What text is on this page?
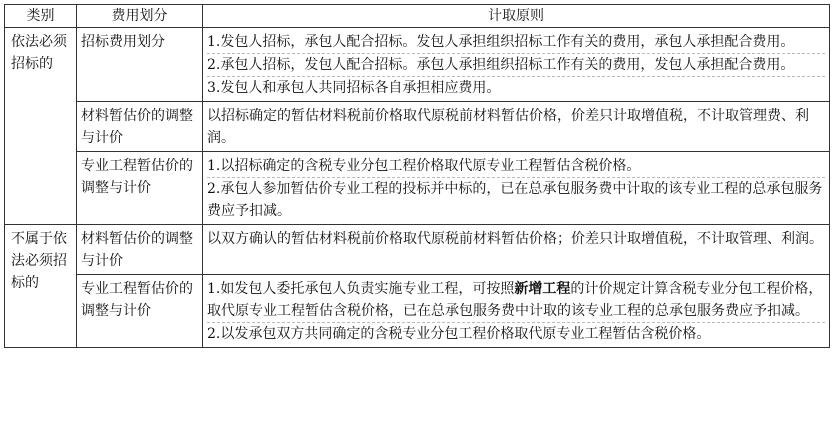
类别	费用划分	计取原则
依法必须招标的	招标费用划分	1.发包人招标，承包人配合招标。发包人承担组织招标工作有关的费用，承包人承担配合费用。

2.承包人招标，发包人配合招标。承包人承担组织招标工作有关的费用，发包人承担配合费用。

3.发包人和承包人共同招标各自承担相应费用。

	材料暂估价的调整与计价	以招标确定的暂估材料税前价格取代原税前材料暂估价格，价差只计取增值税，不计取管理费、利润。

	专业工程暂估价的调整与计价	1.以招标确定的含税专业分包工程价格取代原专业工程暂估含税价格。

2.承包人参加暂估价专业工程的投标并中标的，已在总承包服务费中计取的该专业工程的总承包服务费应予扣减。

不属于依法必须招标的	材料暂估价的调整与计价	以双方确认的暂估材料税前价格取代原税前材料暂估价格；价差只计取增值税，不计取管理、利润。

	专业工程暂估价的调整与计价	1.如发包人委托承包人负责实施专业工程，可按照新增工程的计价规定计算含税专业分包工程价格，取代原专业工程暂估含税价格，已在总承包服务费中计取的该专业工程的总承包服务费应予扣减。

2.以发承包双方共同确定的含税专业分包工程价格取代原专业工程暂估含税价格。
